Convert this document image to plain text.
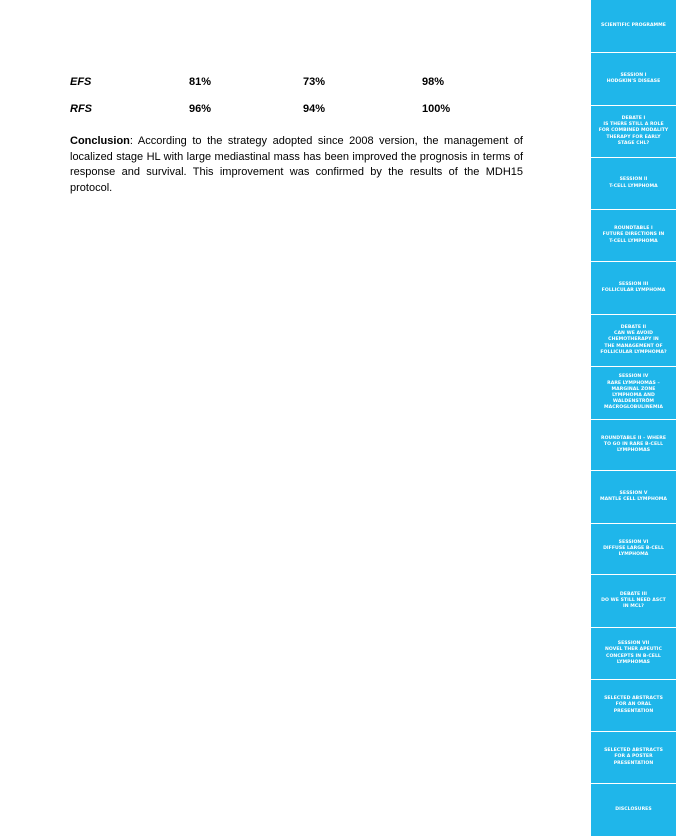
EFS	81%	73%	98%
RFS	96%	94%	100%

Conclusion: According to the strategy adopted since 2008 version, the management of localized stage HL with large mediastinal mass has been improved the prognosis in terms of response and survival. This improvement was confirmed by the results of the MDH15 protocol.

SCIENTIFIC PROGRAMME
SESSION I
HODGKIN'S DISEASE
DEBATE I
IS THERE STILL A ROLE
FOR COMBINED MODALITY
THERAPY FOR EARLY
STAGE CHL?
SESSION II
T-CELL LYMPHOMA
ROUNDTABLE I
FUTURE DIRECTIONS IN
T-CELL LYMPHOMA
SESSION III
FOLLICULAR LYMPHOMA
DEBATE II
CAN WE AVOID
CHEMOTHERAPY IN
THE MANAGEMENT OF
FOLLICULAR LYMPHOMA?
SESSION IV
RARE LYMPHOMAS –
MARGINAL ZONE
LYMPHOMA AND
WALDENSTRÖM
MACROGLOBULINEMIA
ROUNDTABLE II – WHERE
TO GO IN RARE B-CELL
LYMPHOMAS
SESSION V
MANTLE CELL LYMPHOMA
SESSION VI
DIFFUSE LARGE B-CELL
LYMPHOMA
DEBATE III
DO WE STILL NEED ASCT
IN MCL?
SESSION VII
NOVEL THER APEUTIC
CONCEPTS IN B-CELL
LYMPHOMAS
SELECTED ABSTRACTS
FOR AN ORAL
PRESENTATION
SELECTED ABSTRACTS
FOR A POSTER
PRESENTATION
DISCLOSURES
